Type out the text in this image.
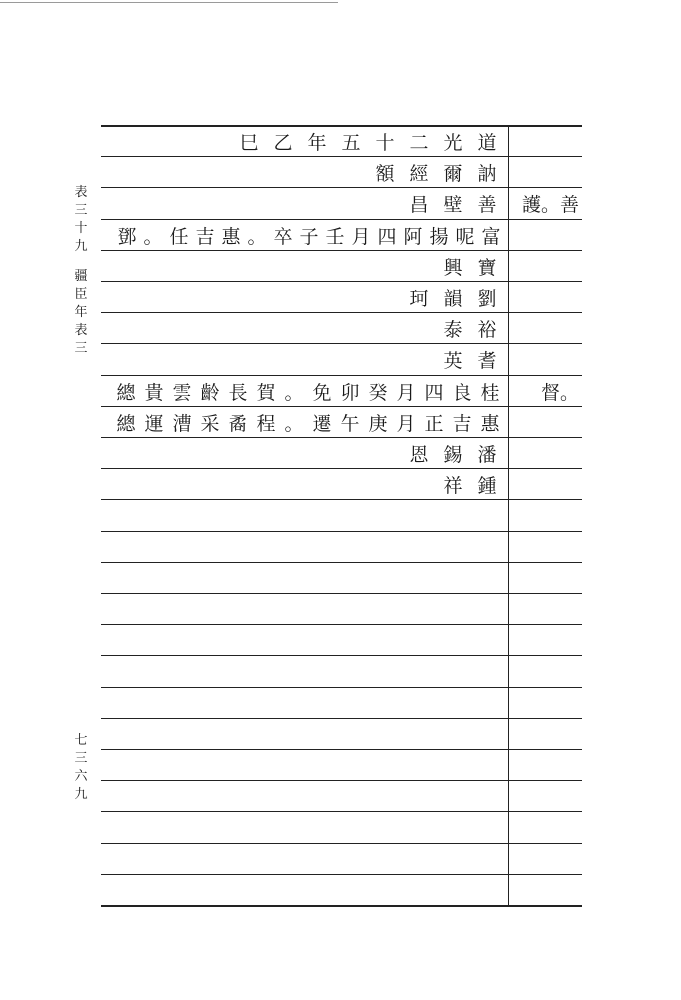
表
三
十
九
疆
臣
年
表
三
七
三
六
九
道
光
二
十
五
年
乙
巳
訥
爾
經
額
善
壁
昌	護。善
富
呢
揚
阿
四
月
壬
子
卒
。
惠
吉
任
。
鄧
寶
興
劉
韻
珂
裕
泰
耆
英
桂
良
四
月
癸
卯
免
。
賀
長
齡
雲
貴
總	督。
惠
吉
正
月
庚
午
遷
。
程
矞
采
漕
運
總
潘
錫
恩
鍾
祥
